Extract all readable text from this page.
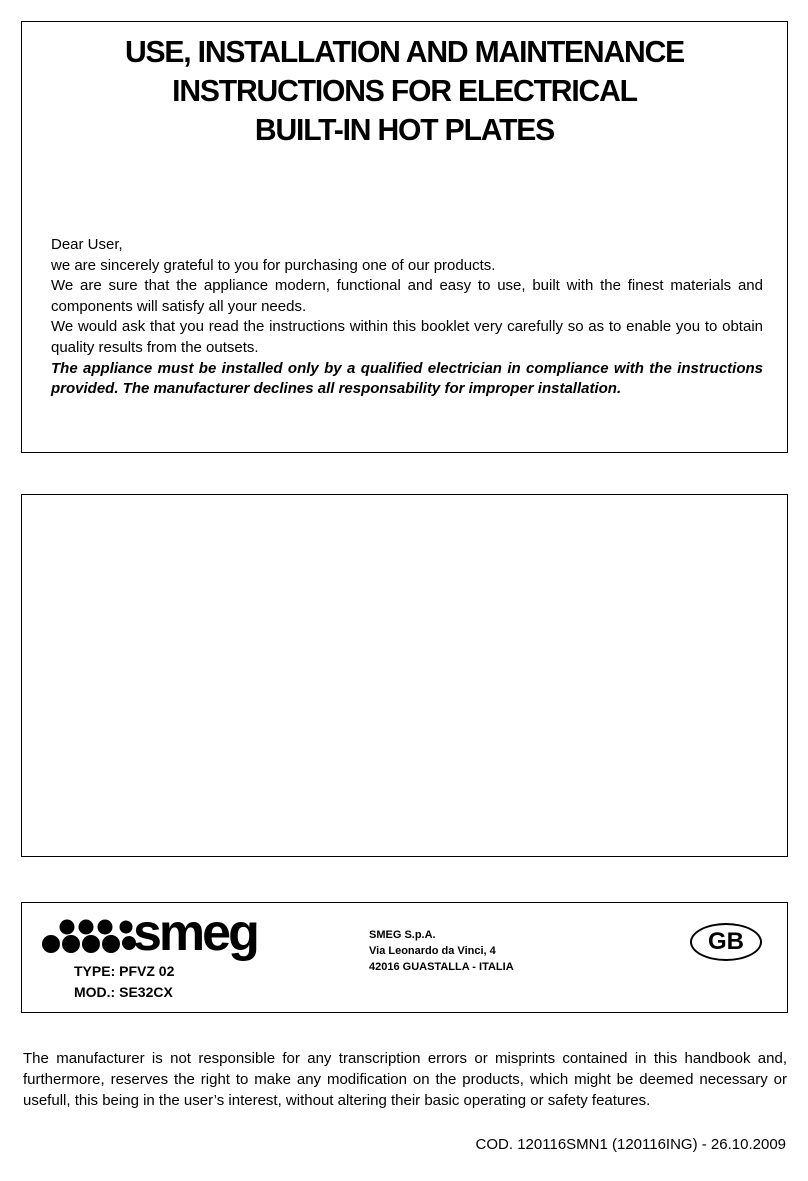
USE, INSTALLATION AND MAINTENANCE
INSTRUCTIONS FOR ELECTRICAL
BUILT-IN HOT PLATES

Dear User,

we are sincerely grateful to you for purchasing one of our products.

We are sure that the appliance modern, functional and easy to use, built with the finest materials and components will satisfy all your needs.

We would ask that you read the instructions within this booklet very carefully so as to enable you to obtain quality results from the outsets.

The appliance must be installed only by a qualified electrician in compliance with the instructions provided. The manufacturer declines all responsability for improper installation.

smeg
TYPE: PFVZ 02
MOD.: SE32CX
SMEG S.p.A.
Via Leonardo da Vinci, 4
42016 GUASTALLA - ITALIA
GB
The manufacturer is not responsible for any transcription errors or misprints contained in this handbook and, furthermore, reserves the right to make any modification on the products, which might be deemed necessary or usefull, this being in the user’s interest, without altering their basic operating or safety features.
COD. 120116SMN1 (120116ING) - 26.10.2009
